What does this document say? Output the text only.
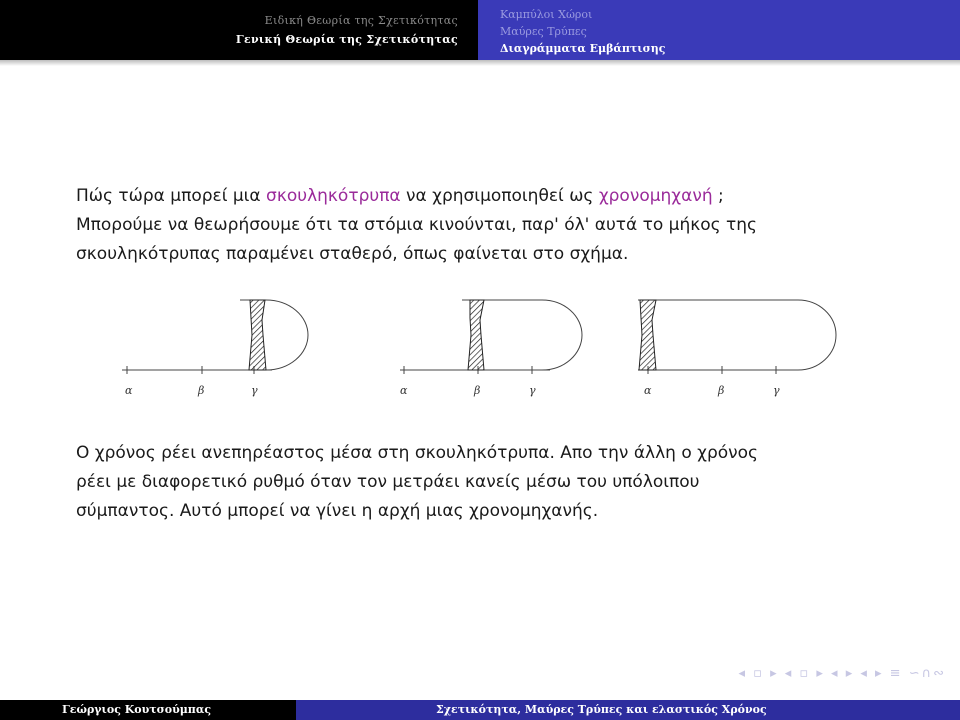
Ειδική Θεωρία της Σχετικότητας
Γενική Θεωρία της Σχετικότητας
Καμπύλοι Χώροι
Μαύρες Τρύπες
Διαγράμματα Εμβάπτισης

Πώς τώρα μπορεί μια σκουληκότρυπα να χρησιμοποιηθεί ως χρονομηχανή ;

Μπορούμε να θεωρήσουμε ότι τα στόμια κινούνται, παρ' όλ' αυτά το μήκος της

σκουληκότρυπας παραμένει σταθερό, όπως φαίνεται στο σχήμα.

α	β	γ	α	β	γ	α	β	γ

Ο χρόνος ρέει ανεπηρέαστος μέσα στη σκουληκότρυπα. Απο την άλλη ο χρόνος

ρέει με διαφορετικό ρυθμό όταν τον μετράει κανείς μέσω του υπόλοιπου

σύμπαντος. Αυτό μπορεί να γίνει η αρχή μιας χρονομηχανής.

◂ ▫ ▸ ◂ ▫ ▸ ◂ ▸ ◂ ▸ ≡ ∽∩∾
Γεώργιος Κουτσούμπας	Σχετικότητα, Μαύρες Τρύπες και ελαστικός Χρόνος
